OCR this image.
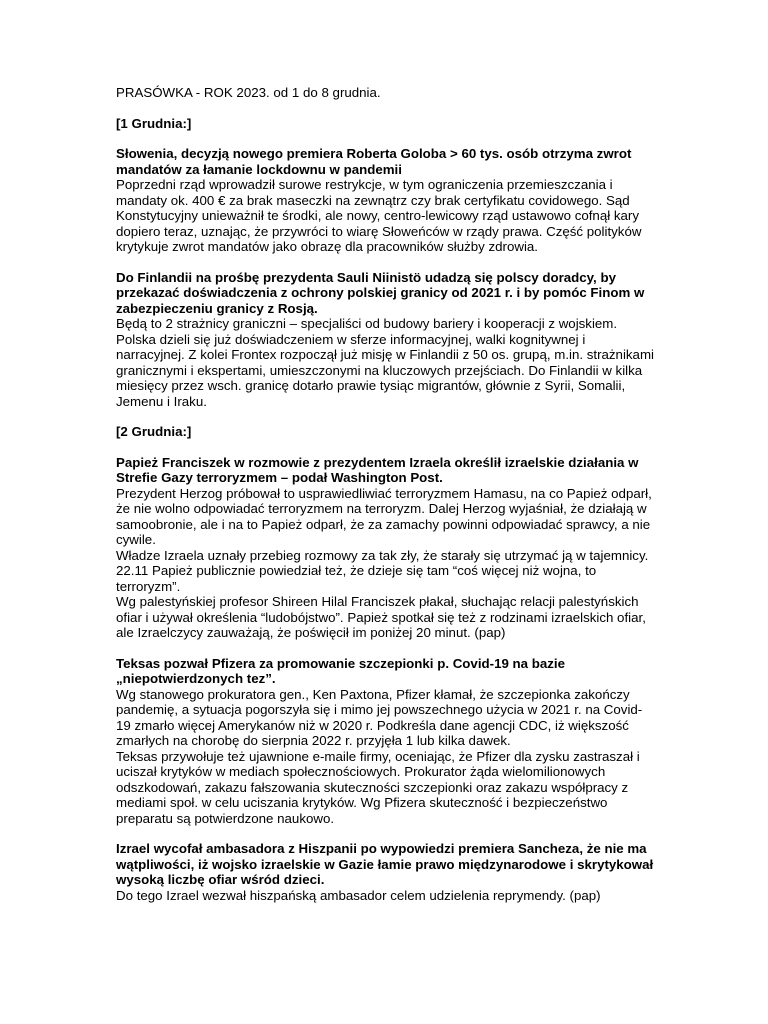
PRASÓWKA - ROK 2023. od 1 do 8 grudnia.

[1 Grudnia:]

Słowenia, decyzją nowego premiera Roberta Goloba > 60 tys. osób otrzyma zwrot mandatów za łamanie lockdownu w pandemii

Poprzedni rząd wprowadził surowe restrykcje, w tym ograniczenia przemieszczania i mandaty ok. 400 € za brak maseczki na zewnątrz czy brak certyfikatu covidowego. Sąd Konstytucyjny unieważnił te środki, ale nowy, centro-lewicowy rząd ustawowo cofnął kary dopiero teraz, uznając, że przywróci to wiarę Słoweńców w rządy prawa. Część polityków krytykuje zwrot mandatów jako obrazę dla pracowników służby zdrowia.

Do Finlandii na prośbę prezydenta Sauli Niinistö udadzą się polscy doradcy, by przekazać doświadczenia z ochrony polskiej granicy od 2021 r. i by pomóc Finom w zabezpieczeniu granicy z Rosją.

Będą to 2 strażnicy graniczni – specjaliści od budowy bariery i kooperacji z wojskiem. Polska dzieli się już doświadczeniem w sferze informacyjnej, walki kognitywnej i narracyjnej. Z kolei Frontex rozpoczął już misję w Finlandii z 50 os. grupą, m.in. strażnikami granicznymi i ekspertami, umieszczonymi na kluczowych przejściach. Do Finlandii w kilka miesięcy przez wsch. granicę dotarło prawie tysiąc migrantów, głównie z Syrii, Somalii, Jemenu i Iraku.

[2 Grudnia:]

Papież Franciszek w rozmowie z prezydentem Izraela określił izraelskie działania w Strefie Gazy terroryzmem – podał Washington Post.

Prezydent Herzog próbował to usprawiedliwiać terroryzmem Hamasu, na co Papież odparł, że nie wolno odpowiadać terroryzmem na terroryzm. Dalej Herzog wyjaśniał, że działają w samoobronie, ale i na to Papież odparł, że za zamachy powinni odpowiadać sprawcy, a nie cywile.

Władze Izraela uznały przebieg rozmowy za tak zły, że starały się utrzymać ją w tajemnicy.

22.11 Papież publicznie powiedział też, że dzieje się tam “coś więcej niż wojna, to terroryzm”.

Wg palestyńskiej profesor Shireen Hilal Franciszek płakał, słuchając relacji palestyńskich ofiar i używał określenia “ludobójstwo”. Papież spotkał się też z rodzinami izraelskich ofiar, ale Izraelczycy zauważają, że poświęcił im poniżej 20 minut. (pap)

Teksas pozwał Pfizera za promowanie szczepionki p. Covid-19 na bazie „niepotwierdzonych tez”.

Wg stanowego prokuratora gen., Ken Paxtona, Pfizer kłamał, że szczepionka zakończy pandemię, a sytuacja pogorszyła się i mimo jej powszechnego użycia w 2021 r. na Covid-19 zmarło więcej Amerykanów niż w 2020 r. Podkreśla dane agencji CDC, iż większość zmarłych na chorobę do sierpnia 2022 r. przyjęła 1 lub kilka dawek.

Teksas przywołuje też ujawnione e-maile firmy, oceniając, że Pfizer dla zysku zastraszał i uciszał krytyków w mediach społecznościowych. Prokurator żąda wielomilionowych odszkodowań, zakazu fałszowania skuteczności szczepionki oraz zakazu współpracy z mediami społ. w celu uciszania krytyków. Wg Pfizera skuteczność i bezpieczeństwo preparatu są potwierdzone naukowo.

Izrael wycofał ambasadora z Hiszpanii po wypowiedzi premiera Sancheza, że nie ma wątpliwości, iż wojsko izraelskie w Gazie łamie prawo międzynarodowe i skrytykował wysoką liczbę ofiar wśród dzieci.

Do tego Izrael wezwał hiszpańską ambasador celem udzielenia reprymendy. (pap)
